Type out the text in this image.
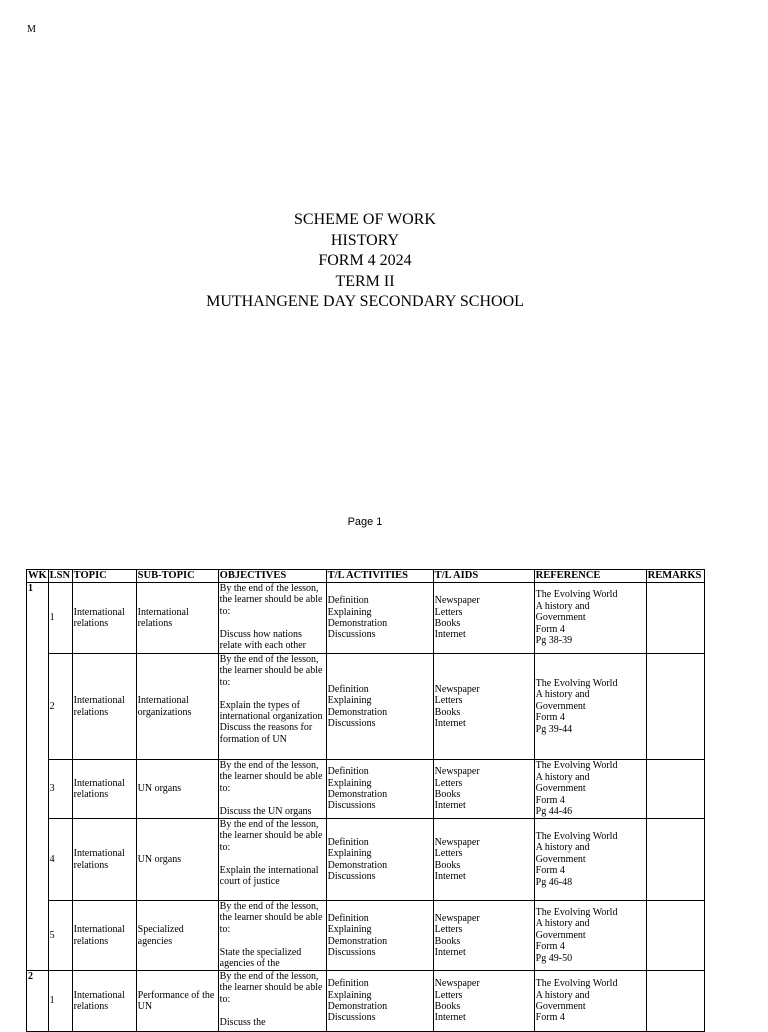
M
SCHEME OF WORK
HISTORY
FORM 4 2024
TERM II
MUTHANGENE DAY SECONDARY SCHOOL
Page 1
WK	LSN	TOPIC	SUB-TOPIC	OBJECTIVES	T/L ACTIVITIES	T/L AIDS	REFERENCE	REMARKS
1	1	International relations	International relations	By the end of the lesson, the learner should be able to:
Discuss how nations relate with each other	Definition
Explaining
Demonstration
Discussions	Newspaper
Letters
Books
Internet	The Evolving World
A history and
Government
Form 4
Pg 38-39	

	2	International relations	International organizations	By the end of the lesson, the learner should be able to:
Explain the types of international organization
Discuss the reasons for formation of UN	Definition
Explaining
Demonstration
Discussions	Newspaper
Letters
Books
Internet	The Evolving World
A history and
Government
Form 4
Pg 39-44	

	3	International relations	UN organs	By the end of the lesson, the learner should be able to:
Discuss the UN organs	Definition
Explaining
Demonstration
Discussions	Newspaper
Letters
Books
Internet	The Evolving World
A history and
Government
Form 4
Pg 44-46	

	4	International relations	UN organs	By the end of the lesson, the learner should be able to:
Explain the international court of justice	Definition
Explaining
Demonstration
Discussions	Newspaper
Letters
Books
Internet	The Evolving World
A history and
Government
Form 4
Pg 46-48	

	5	International relations	Specialized agencies	By the end of the lesson, the learner should be able to:
State the specialized agencies of the	Definition
Explaining
Demonstration
Discussions	Newspaper
Letters
Books
Internet	The Evolving World
A history and
Government
Form 4
Pg 49-50	

2	1	International relations	Performance of the UN	By the end of the lesson, the learner should be able to:
Discuss the	Definition
Explaining
Demonstration
Discussions	Newspaper
Letters
Books
Internet	The Evolving World
A history and
Government
Form 4	
